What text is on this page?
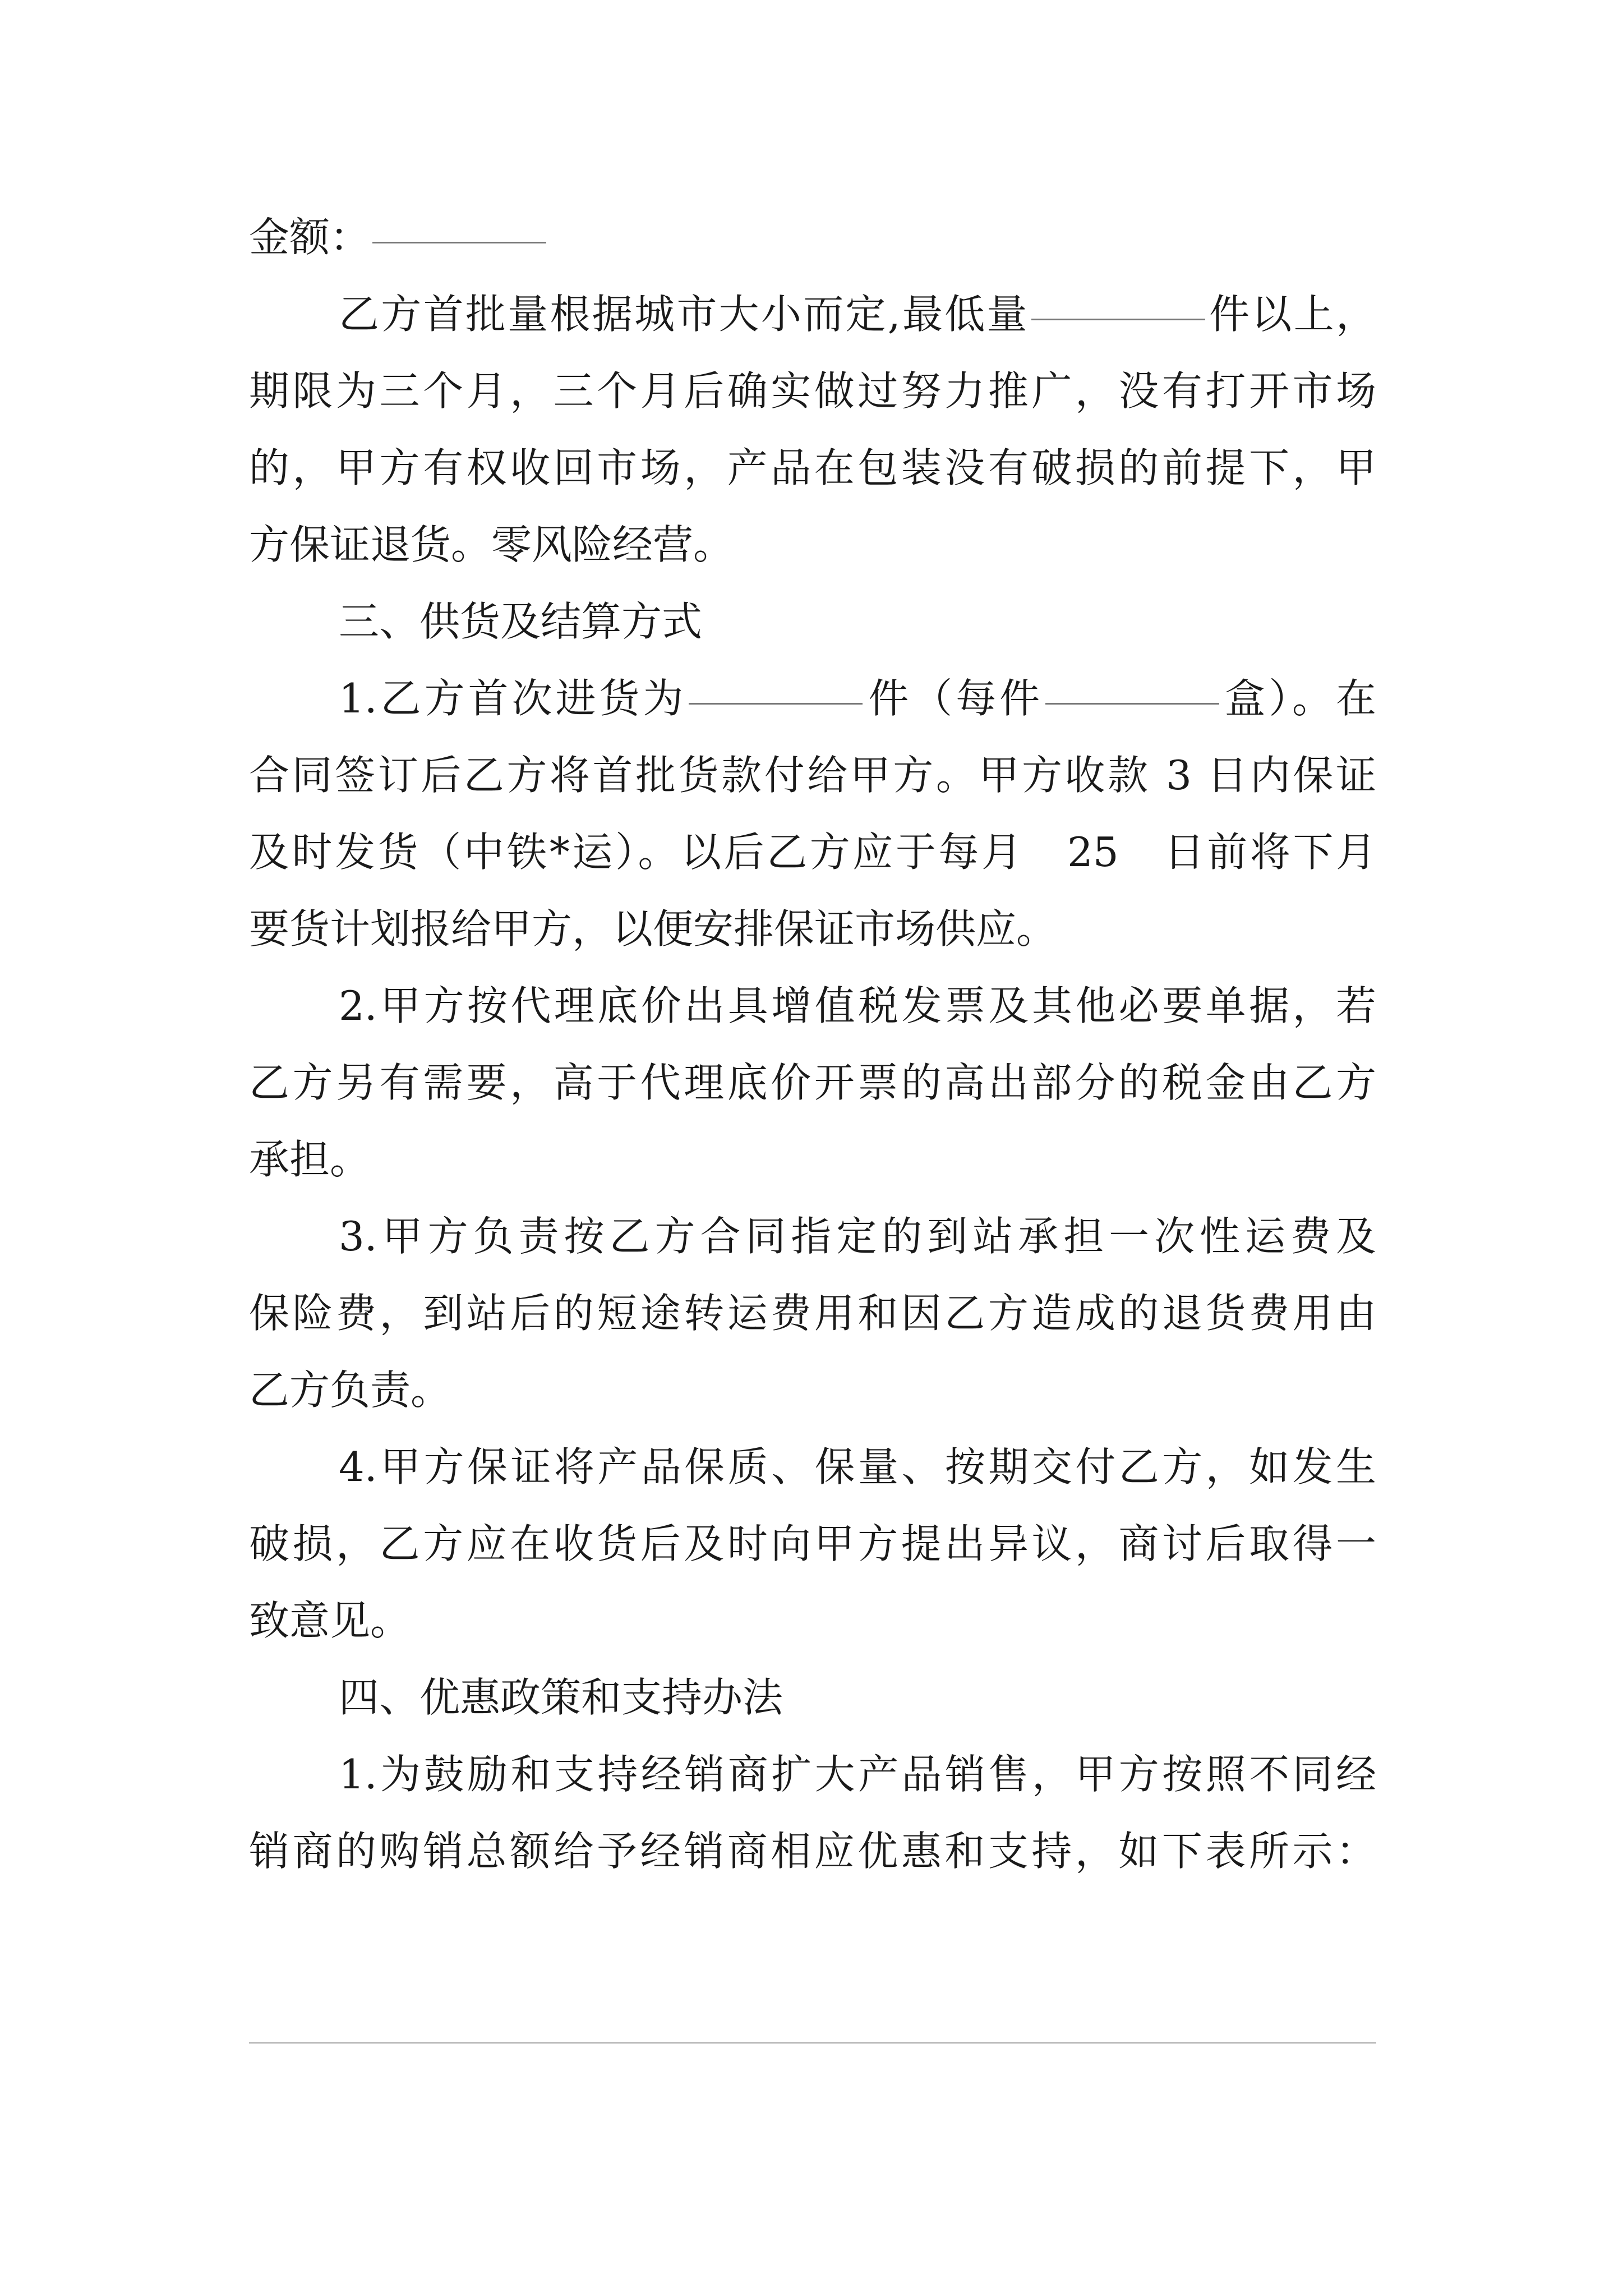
金额：
乙方首批量根据城市大小而定,最低量	件以上，
期限为三个月，三个月后确实做过努力推广，没有打开市场
的，甲方有权收回市场，产品在包装没有破损的前提下，甲
方保证退货。零风险经营。
三、供货及结算方式
1.乙方首次进货为	件（每件	盒）。在
合同签订后乙方将首批货款付给甲方。甲方收款 3 日内保证
及时发货（中铁*运）。以后乙方应于每月　25　日前将下月
要货计划报给甲方，以便安排保证市场供应。
2.甲方按代理底价出具增值税发票及其他必要单据，若
乙方另有需要，高于代理底价开票的高出部分的税金由乙方
承担。
3.甲方负责按乙方合同指定的到站承担一次性运费及
保险费，到站后的短途转运费用和因乙方造成的退货费用由
乙方负责。
4.甲方保证将产品保质、保量、按期交付乙方，如发生
破损，乙方应在收货后及时向甲方提出异议，商讨后取得一
致意见。
四、优惠政策和支持办法
1.为鼓励和支持经销商扩大产品销售，甲方按照不同经
销商的购销总额给予经销商相应优惠和支持，如下表所示：
